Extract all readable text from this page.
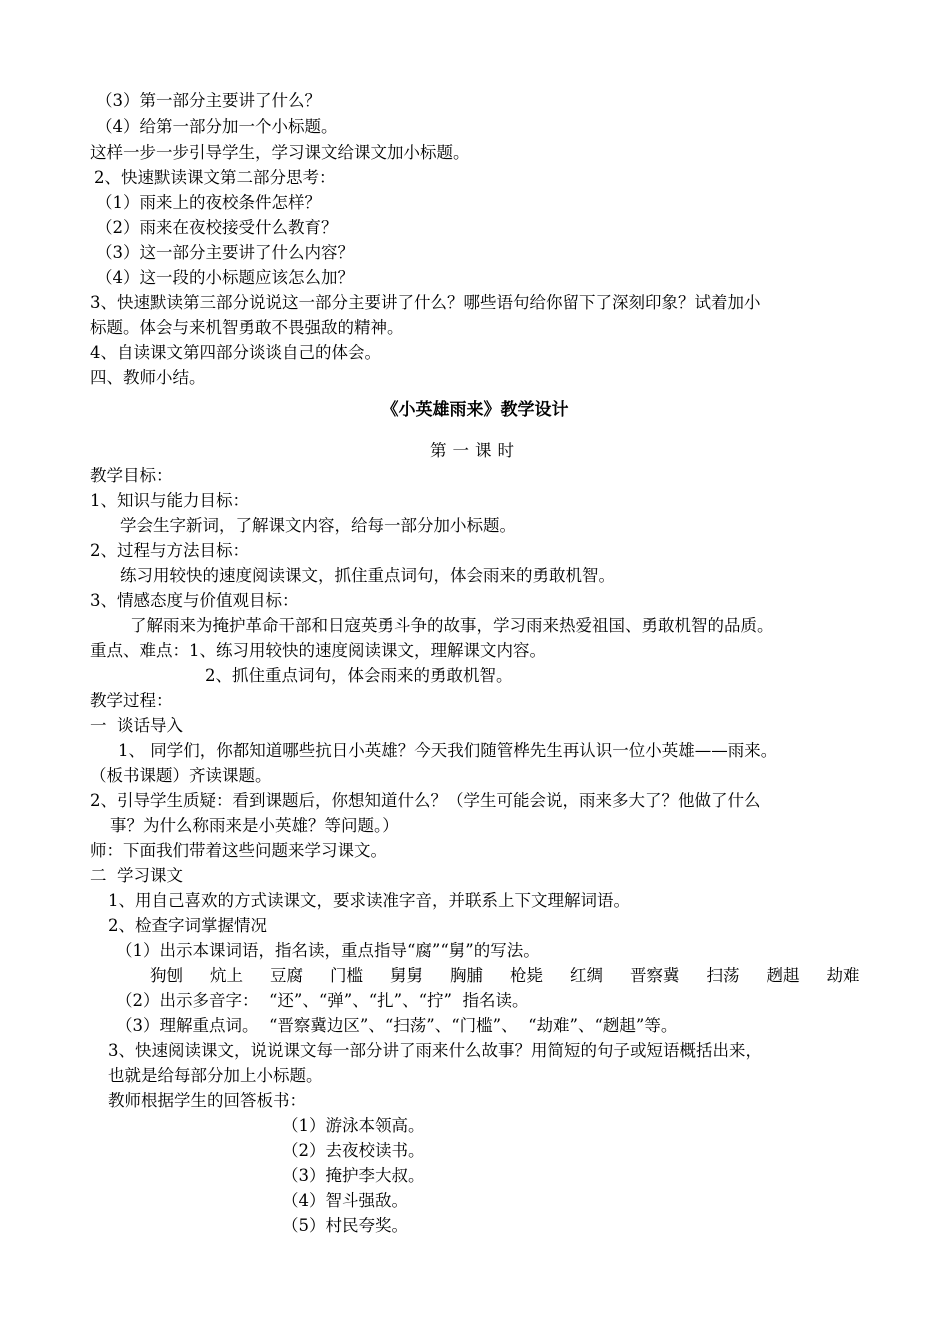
（3）第一部分主要讲了什么？
（4）给第一部分加一个小标题。
这样一步一步引导学生，学习课文给课文加小标题。
2、快速默读课文第二部分思考：
（1）雨来上的夜校条件怎样？
（2）雨来在夜校接受什么教育？
（3）这一部分主要讲了什么内容？
（4）这一段的小标题应该怎么加？
3、快速默读第三部分说说这一部分主要讲了什么？哪些语句给你留下了深刻印象？试着加小
标题。体会与来机智勇敢不畏强敌的精神。
4、自读课文第四部分谈谈自己的体会。
四、教师小结。
《小英雄雨来》教学设计
第一课时
教学目标：
1、知识与能力目标：
学会生字新词，了解课文内容，给每一部分加小标题。
2、过程与方法目标：
练习用较快的速度阅读课文，抓住重点词句，体会雨来的勇敢机智。
3、情感态度与价值观目标：
了解雨来为掩护革命干部和日寇英勇斗争的故事，学习雨来热爱祖国、勇敢机智的品质。
重点、难点：1、练习用较快的速度阅读课文，理解课文内容。
2、抓住重点词句，体会雨来的勇敢机智。
教学过程：
一  谈话导入
1、 同学们，你都知道哪些抗日小英雄？今天我们随管桦先生再认识一位小英雄——雨来。
（板书课题）齐读课题。
2、引导学生质疑：看到课题后，你想知道什么？（学生可能会说，雨来多大了？他做了什么
事？为什么称雨来是小英雄？等问题。）
师：下面我们带着这些问题来学习课文。
二  学习课文
1、用自己喜欢的方式读课文，要求读准字音，并联系上下文理解词语。
2、检查字词掌握情况
（1）出示本课词语，指名读，重点指导“腐”“舅”的写法。
狗刨 炕上 豆腐 门槛 舅舅 胸脯 枪毙 红绸 晋察冀 扫荡 趔趄 劫难
（2）出示多音字：  “还”、“弹”、“扎”、“拧”  指名读。
（3）理解重点词。  “晋察冀边区”、“扫荡”、“门槛”、  “劫难”、“趔趄”等。
3、快速阅读课文，说说课文每一部分讲了雨来什么故事？用简短的句子或短语概括出来，
也就是给每部分加上小标题。
教师根据学生的回答板书：
（1）游泳本领高。
（2）去夜校读书。
（3）掩护李大叔。
（4）智斗强敌。
（5）村民夸奖。
